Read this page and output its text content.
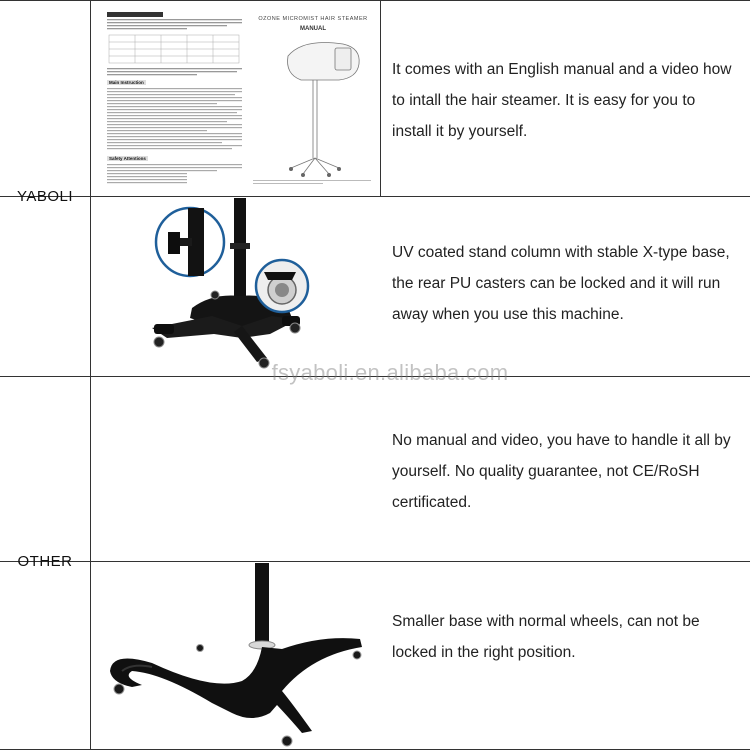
YABOLI
OTHER
Main Instruction
Safety Attentions
OZONE MICROMIST HAIR STEAMER
MANUAL
It comes with an English manual and a video how to intall the hair steamer. It is easy for you to install it by yourself.
UV coated stand column with stable X-type base, the rear PU casters can be locked and it will run away when you use this machine.
No manual and video, you have to handle it all by yourself. No quality guarantee, not CE/RoSH certificated.
Smaller base with normal wheels, can not be locked in the right position.
fsyaboli.en.alibaba.com
